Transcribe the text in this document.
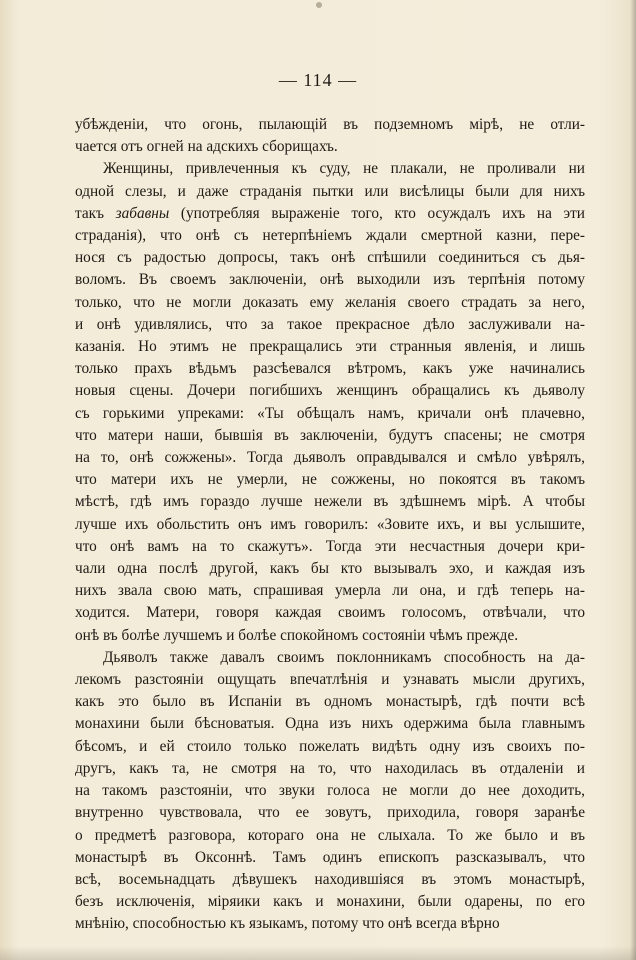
— 114 —
убѣжденіи, что огонь, пылающій въ подземномъ мірѣ, не отли-
чается отъ огней на адскихъ сборищахъ.
Женщины, привлеченныя къ суду, не плакали, не проливали ни
одной слезы, и даже страданія пытки или висѣлицы были для нихъ
такъ забавны (употребляя выраженіе того, кто осуждалъ ихъ на эти
страданія), что онѣ съ нетерпѣніемъ ждали смертной казни, пере-
нося съ радостью допросы, такъ онѣ спѣшили соединиться съ дья-
воломъ. Въ своемъ заключеніи, онѣ выходили изъ терпѣнія потому
только, что не могли доказать ему желанія своего страдать за него,
и онѣ удивлялись, что за такое прекрасное дѣло заслуживали на-
казанія. Но этимъ не прекращались эти странныя явленія, и лишь
только прахъ вѣдьмъ разсѣевался вѣтромъ, какъ уже начинались
новыя сцены. Дочери погибшихъ женщинъ обращались къ дьяволу
съ горькими упреками: «Ты обѣщалъ намъ, кричали онѣ плачевно,
что матери наши, бывшія въ заключеніи, будутъ спасены; не смотря
на то, онѣ сожжены». Тогда дьяволъ оправдывался и смѣло увѣрялъ,
что матери ихъ не умерли, не сожжены, но покоятся въ такомъ
мѣстѣ, гдѣ имъ гораздо лучше нежели въ здѣшнемъ мірѣ. А чтобы
лучше ихъ обольстить онъ имъ говорилъ: «Зовите ихъ, и вы услышите,
что онѣ вамъ на то скажутъ». Тогда эти несчастныя дочери кри-
чали одна послѣ другой, какъ бы кто вызывалъ эхо, и каждая изъ
нихъ звала свою мать, спрашивая умерла ли она, и гдѣ теперь на-
ходится. Матери, говоря каждая своимъ голосомъ, отвѣчали, что
онѣ въ болѣе лучшемъ и болѣе спокойномъ состояніи чѣмъ прежде.
Дьяволъ также давалъ своимъ поклонникамъ способность на да-
лекомъ разстояніи ощущать впечатлѣнія и узнавать мысли другихъ,
какъ это было въ Испаніи въ одномъ монастырѣ, гдѣ почти всѣ
монахини были бѣсноватыя. Одна изъ нихъ одержима была главнымъ
бѣсомъ, и ей стоило только пожелать видѣть одну изъ своихъ по-
другъ, какъ та, не смотря на то, что находилась въ отдаленіи и
на такомъ разстояніи, что звуки голоса не могли до нее доходить,
внутренно чувствовала, что ее зовутъ, приходила, говоря заранѣе
о предметѣ разговора, котораго она не слыхала. То же было и въ
монастырѣ въ Оксоннѣ. Тамъ одинъ епископъ разсказывалъ, что
всѣ, восемьнадцать дѣвушекъ находившіяся въ этомъ монастырѣ,
безъ исключенія, міряики какъ и монахини, были одарены, по его
мнѣнію, способностью къ языкамъ, потому что онѣ всегда вѣрно
